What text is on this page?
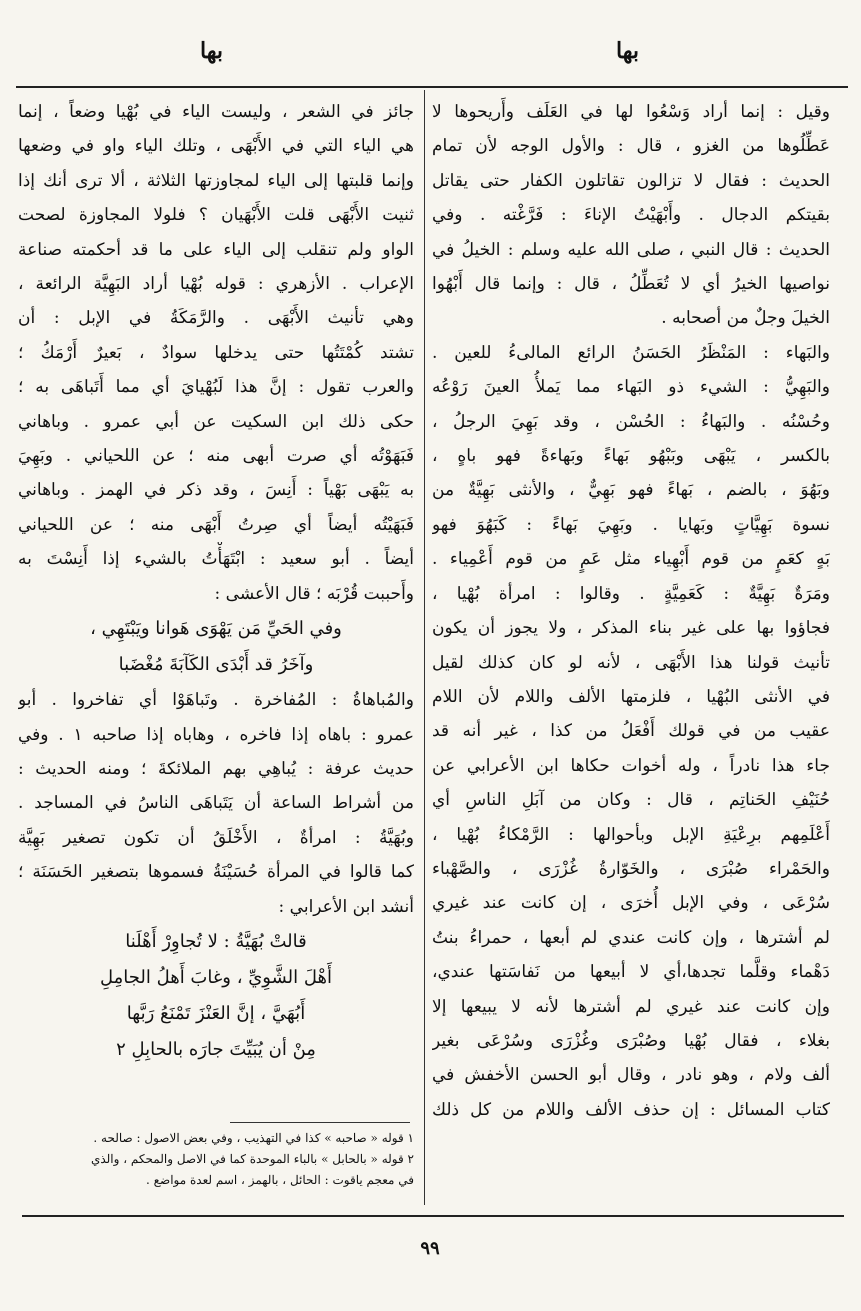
بها
بها
وقيل : إنما أراد وَسْعُوا لها في العَلَف وأَريحوها لا
عَطِّلُوها من الغزو ، قال : والأول الوجه لأن تمام
الحديث : فقال لا تزالون تقاتلون الكفار حتى يقاتل
بقيتكم الدجال . وأَبْهَيْتُ الإناءَ : فَرَّغْته . وفي
الحديث : قال النبي ، صلى الله عليه وسلم : الخيلُ في
نواصيها الخيرُ أي لا تُعَطِّلُ ، قال : وإنما قال أَبْهُوا
الخيلَ وجلٌ من أصحابه .
والبَهاء : المَنْظَرُ الحَسَنُ الرائع المالىءُ للعين .
والبَهِيُّ : الشيء ذو البَهاء مما يَملأُ العينَ رَوْعُه
وحُسْنُه . والبَهاءُ : الحُسْن ، وقد بَهِيَ الرجلُ ،
بالكسر ، يَبْهَى وبَبْهُو بَهاءً وبَهاءةً فهو باهٍ ،
وبَهُوَ ، بالضم ، بَهاءً فهو بَهِيٌّ ، والأنثى بَهِيَّةٌ من
نسوة بَهِيَّاتٍ وبَهايا . وبَهِيَ بَهاءً : كَبَهُوَ فهو
بَهٍ كعَمٍ من قوم أَبْهِياء مثل عَمٍ من قوم أَعْمِياء .
ومَرَةٌ بَهِيَّةٌ : كَعَمِيَّةٍ . وقالوا : امرأة بُهْيا ،
فجاؤوا بها على غير بناء المذكر ، ولا يجوز أن يكون
تأنيث قولنا هذا الأَبْهَى ، لأنه لو كان كذلك لقيل
في الأنثى البُهْيا ، فلزمتها الألف واللام لأن اللام
عقيب من في قولك أَفْعَلُ من كذا ، غير أنه قد
جاء هذا نادراً ، وله أخوات حكاها ابن الأعرابي عن
حُنَيْفِ الحَناتِم ، قال : وكان من آبَلِ الناسِ أي
أَعْلَمِهم برِعْيَةِ الإبل وبأحوالها : الرَّمْكاءُ بُهْيا ،
والحَمْراء صُبْرَى ، والخَوّارةُ غُزْرَى ، والصَّهْباء
سُرْعَى ، وفي الإبل أُخرَى ، إن كانت عند غيري
لم أشترها ، وإن كانت عندي لم أبعها ، حمراءُ بنتُ
دَهْماء وقلَّما تجدها،أي لا أبيعها من نَفاسَتها عندي،
وإن كانت عند غيري لم أشترها لأنه لا يبيعها إلا
بغلاء ، فقال بُهْيا وصُبْرَى وغُزْرَى وسُرْعَى بغير
ألف ولام ، وهو نادر ، وقال أبو الحسن الأخفش في
كتاب المسائل : إن حذف الألف واللام من كل ذلك
جائز في الشعر ، وليست الياء في بُهْيا وضعاً ، إنما
هي الياء التي في الأَبْهَى ، وتلك الياء واو في وضعها
وإنما قلبتها إلى الياء لمجاوزتها الثلاثة ، ألا ترى أنك إذا
ثنيت الأَبْهَى قلت الأَبْهَيان ؟ فلولا المجاوزة لصحت
الواو ولم تنقلب إلى الياء على ما قد أحكمته صناعة
الإعراب . الأزهري : قوله بُهْيا أراد البَهِيَّة الرائعة ،
وهي تأنيث الأَبْهَى . والرَّمَكَةُ في الإبل : أن
تشتد كُمْتَتُها حتى يدخلها سوادٌ ، بَعيرٌ أَرْمَكُ ؛
والعرب تقول : إنَّ هذا لَبُهْيايَ أي مما أَتَباهَى به ؛
حكى ذلك ابن السكيت عن أبي عمرو . وباهاني
فَبَهَوْتُه أي صرت أبهى منه ؛ عن اللحياني . وبَهِيَ
به يَبْهَى بَهْياً : أَنِسَ ، وقد ذكر في الهمز . وباهاني
فَبَهَيْتُه أيضاً أي صِرتُ أَبْهَى منه ؛ عن اللحياني
أيضاً . أبو سعيد : ابْتَهَأْتُ بالشيء إذا أَنِسْتَ به
وأَحببت قُرْبَه ؛ قال الأعشى :
وفي الحَيِّ مَن يَهْوَى هَوانا ويَبْتَهِي ،
وآخَرُ قد أَبْدَى الكَآبَةَ مُغْضَبا
والمُباهاةُ : المُفاخرة . وتَباهَوْا أي تفاخروا . أبو
عمرو : باهاه إذا فاخره ، وهاباه إذا صاحبه ١ . وفي
حديث عرفة : يُباهِي بهم الملائكةَ ؛ ومنه الحديث :
من أشراط الساعة أن يَتَباهَى الناسُ في المساجد .
وبُهَيَّةُ : امرأةٌ ، الأَخْلَقُ أن تكون تصغير بَهِيَّة
كما قالوا في المرأة حُسَيْنَةُ فسموها بتصغير الحَسَنَة ؛
أنشد ابن الأعرابي :
قالتْ بُهَيَّةُ : لا تُجاوِرْ أَهْلَنا
أَهْلَ الشَّوِيِّ ، وغابَ أَهلُ الجامِلِ
أَبُهَيَّ ، إنَّ العَنْزَ تَمْنَعُ رَبَّها
مِنْ أن يُبَيِّتَ جارَه بالحابِلِ ٢
١ قوله « صاحبه » كذا في التهذيب ، وفي بعض الاصول : صالحه .
٢ قوله « بالحابل » بالباء الموحدة كما في الاصل والمحكم ، والذي
في معجم ياقوت : الحائل ، بالهمز ، اسم لعدة مواضع .
٩٩
